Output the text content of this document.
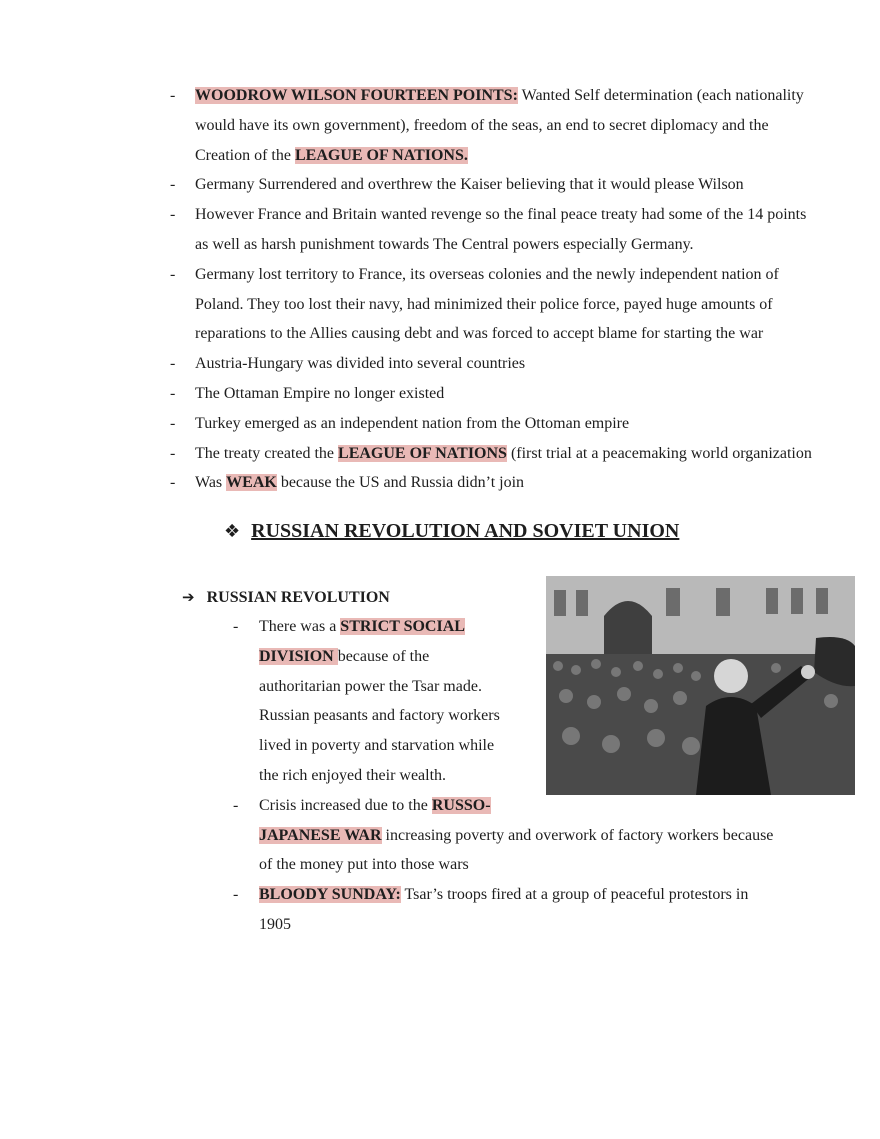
- WOODROW WILSON FOURTEEN POINTS: Wanted Self determination (each nationality
would have its own government), freedom of the seas, an end to secret diplomacy and the
Creation of the LEAGUE OF NATIONS.
- Germany Surrendered and overthrew the Kaiser believing that it would please Wilson
- However France and Britain wanted revenge so the final peace treaty had some of the 14 points
as well as harsh punishment towards The Central powers especially Germany.
- Germany lost territory to France, its overseas colonies and the newly independent nation of
Poland. They too lost their navy, had minimized their police force, payed huge amounts of
reparations to the Allies causing debt and was forced to accept blame for starting the war
- Austria-Hungary was divided into several countries
- The Ottaman Empire no longer existed
- Turkey emerged as an independent nation from the Ottoman empire
- The treaty created the LEAGUE OF NATIONS (first trial at a peacemaking world organization
- Was WEAK because the US and Russia didn’t join
❖ RUSSIAN REVOLUTION AND SOVIET UNION
➔ RUSSIAN REVOLUTION
- There was a STRICT SOCIAL
DIVISION because of the
authoritarian power the Tsar made.
Russian peasants and factory workers
lived in poverty and starvation while
the rich enjoyed their wealth.
- Crisis increased due to the RUSSO-
JAPANESE WAR increasing poverty and overwork of factory workers because
of the money put into those wars
- BLOODY SUNDAY: Tsar’s troops fired at a group of peaceful protestors in
1905
